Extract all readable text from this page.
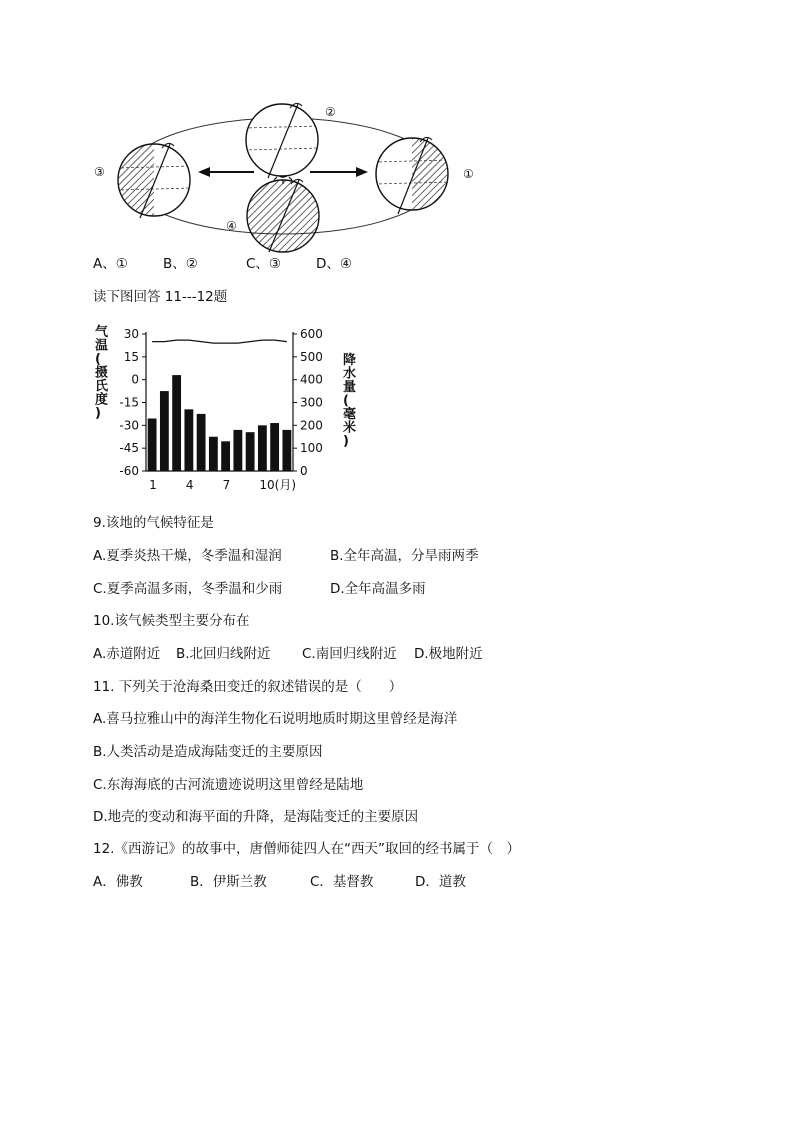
①
②
③
④
A、①	B、②	C、③	D、④
读下图回答 11---12题
30
15
0
-15
-30
-45
-60
600
500
400
300
200
100
0
1 4 7 10(月)
气温(摄氏度)
降水量(毫米)
9.该地的气候特征是
A.夏季炎热干燥，冬季温和湿润	B.全年高温，分旱雨两季
C.夏季高温多雨，冬季温和少雨	D.全年高温多雨
10.该气候类型主要分布在
A.赤道附近 B.北回归线附近 C.南回归线附近 D.极地附近
11. 下列关于沧海桑田变迁的叙述错误的是（　　）
A.喜马拉雅山中的海洋生物化石说明地质时期这里曾经是海洋
B.人类活动是造成海陆变迁的主要原因
C.东海海底的古河流遗迹说明这里曾经是陆地
D.地壳的变动和海平面的升降，是海陆变迁的主要原因
12.《西游记》的故事中，唐僧师徒四人在“西天”取回的经书属于（　）
A．佛教	B．伊斯兰教	C．基督教	D．道教
